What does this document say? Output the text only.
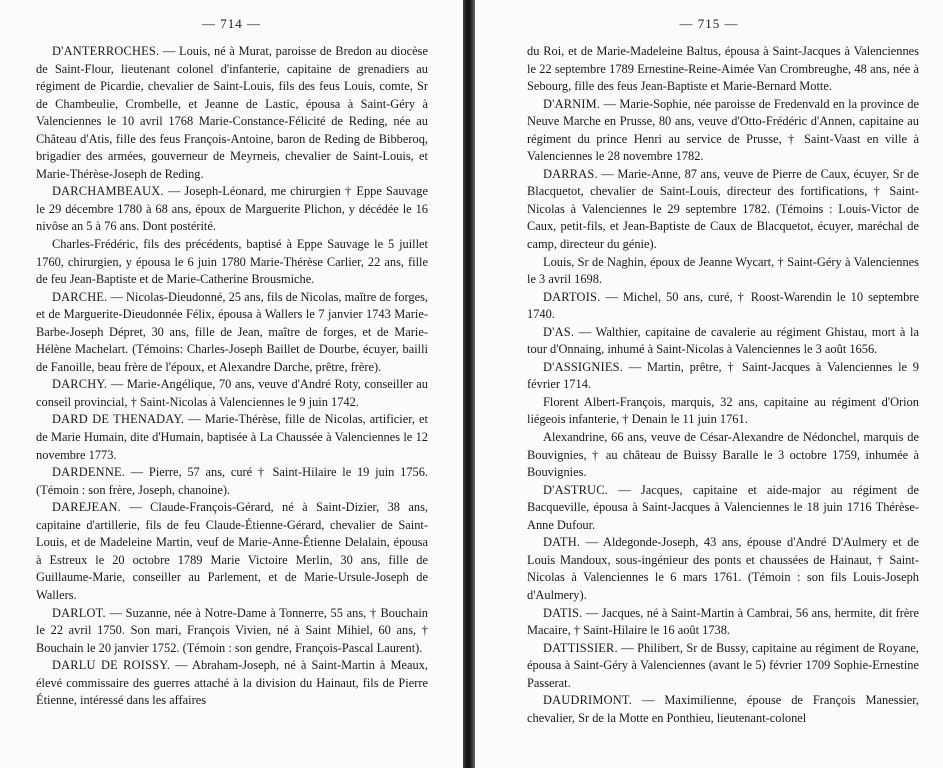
— 714 —

D'ANTERROCHES. — Louis, né à Murat, paroisse de Bredon au diocèse de Saint-Flour, lieutenant colonel d'infanterie, capitaine de grenadiers au régiment de Picardie, chevalier de Saint-Louis, fils des feus Louis, comte, Sr de Chambeulie, Crombelle, et Jeanne de Lastic, épousa à Saint-Géry à Valenciennes le 10 avril 1768 Marie-Constance-Félicité de Reding, née au Château d'Atis, fille des feus François-Antoine, baron de Reding de Bibberoq, brigadier des armées, gouverneur de Meyrneis, chevalier de Saint-Louis, et Marie-Thérèse-Joseph de Reding.

DARCHAMBEAUX. — Joseph-Léonard, me chirurgien † Eppe Sauvage le 29 décembre 1780 à 68 ans, époux de Marguerite Plichon, y décédée le 16 nivôse an 5 à 76 ans. Dont postérité.

Charles-Frédéric, fils des précédents, baptisé à Eppe Sauvage le 5 juillet 1760, chirurgien, y épousa le 6 juin 1780 Marie-Thérèse Carlier, 22 ans, fille de feu Jean-Baptiste et de Marie-Catherine Brousmiche.

DARCHE. — Nicolas-Dieudonné, 25 ans, fils de Nicolas, maître de forges, et de Marguerite-Dieudonnée Félix, épousa à Wallers le 7 janvier 1743 Marie-Barbe-Joseph Dépret, 30 ans, fille de Jean, maître de forges, et de Marie-Hélène Machelart. (Témoins: Charles-Joseph Baillet de Dourbe, écuyer, bailli de Fanoille, beau frère de l'époux, et Alexandre Darche, prêtre, frère).

DARCHY. — Marie-Angélique, 70 ans, veuve d'André Roty, conseiller au conseil provincial, † Saint-Nicolas à Valenciennes le 9 juin 1742.

DARD DE THENADAY. — Marie-Thérèse, fille de Nicolas, artificier, et de Marie Humain, dite d'Humain, baptisée à La Chaussée à Valenciennes le 12 novembre 1773.

DARDENNE. — Pierre, 57 ans, curé † Saint-Hilaire le 19 juin 1756. (Témoin : son frère, Joseph, chanoine).

DAREJEAN. — Claude-François-Gérard, né à Saint-Dizier, 38 ans, capitaine d'artillerie, fils de feu Claude-Étienne-Gérard, chevalier de Saint-Louis, et de Madeleine Martin, veuf de Marie-Anne-Étienne Delalain, épousa à Estreux le 20 octobre 1789 Marie Victoire Merlin, 30 ans, fille de Guillaume-Marie, conseiller au Parlement, et de Marie-Ursule-Joseph de Wallers.

DARLOT. — Suzanne, née à Notre-Dame à Tonnerre, 55 ans, † Bouchain le 22 avril 1750. Son mari, François Vivien, né à Saint Mihiel, 60 ans, † Bouchain le 20 janvier 1752. (Témoin : son gendre, François-Pascal Laurent).

DARLU DE ROISSY. — Abraham-Joseph, né à Saint-Martin à Meaux, élevé commissaire des guerres attaché à la division du Hainaut, fils de Pierre Étienne, intéressé dans les affaires

— 715 —

du Roi, et de Marie-Madeleine Baltus, épousa à Saint-Jacques à Valenciennes le 22 septembre 1789 Ernestine-Reine-Aimée Van Crombreughe, 48 ans, née à Sebourg, fille des feus Jean-Baptiste et Marie-Bernard Motte.

D'ARNIM. — Marie-Sophie, née paroisse de Fredenvald en la province de Neuve Marche en Prusse, 80 ans, veuve d'Otto-Frédéric d'Annen, capitaine au régiment du prince Henri au service de Prusse, † Saint-Vaast en ville à Valenciennes le 28 novembre 1782.

DARRAS. — Marie-Anne, 87 ans, veuve de Pierre de Caux, écuyer, Sr de Blacquetot, chevalier de Saint-Louis, directeur des fortifications, † Saint-Nicolas à Valenciennes le 29 septembre 1782. (Témoins : Louis-Victor de Caux, petit-fils, et Jean-Baptiste de Caux de Blacquetot, écuyer, maréchal de camp, directeur du génie).

Louis, Sr de Naghin, époux de Jeanne Wycart, † Saint-Géry à Valenciennes le 3 avril 1698.

DARTOIS. — Michel, 50 ans, curé, † Roost-Warendin le 10 septembre 1740.

D'AS. — Walthier, capitaine de cavalerie au régiment Ghistau, mort à la tour d'Onnaing, inhumé à Saint-Nicolas à Valenciennes le 3 août 1656.

D'ASSIGNIES. — Martin, prêtre, † Saint-Jacques à Valenciennes le 9 février 1714.

Florent Albert-François, marquis, 32 ans, capitaine au régiment d'Orion liégeois infanterie, † Denain le 11 juin 1761.

Alexandrine, 66 ans, veuve de César-Alexandre de Nédonchel, marquis de Bouvignies, † au château de Buissy Baralle le 3 octobre 1759, inhumée à Bouvignies.

D'ASTRUC. — Jacques, capitaine et aide-major au régiment de Bacqueville, épousa à Saint-Jacques à Valenciennes le 18 juin 1716 Thérèse-Anne Dufour.

DATH. — Aldegonde-Joseph, 43 ans, épouse d'André D'Aulmery et de Louis Mandoux, sous-ingénieur des ponts et chaussées de Hainaut, † Saint-Nicolas à Valenciennes le 6 mars 1761. (Témoin : son fils Louis-Joseph d'Aulmery).

DATIS. — Jacques, né à Saint-Martin à Cambrai, 56 ans, hermite, dit frère Macaire, † Saint-Hilaire le 16 août 1738.

DATTISSIER. — Philibert, Sr de Bussy, capitaine au régiment de Royane, épousa à Saint-Géry à Valenciennes (avant le 5) février 1709 Sophie-Ernestine Passerat.

DAUDRIMONT. — Maximilienne, épouse de François Manessier, chevalier, Sr de la Motte en Ponthieu, lieutenant-colonel
